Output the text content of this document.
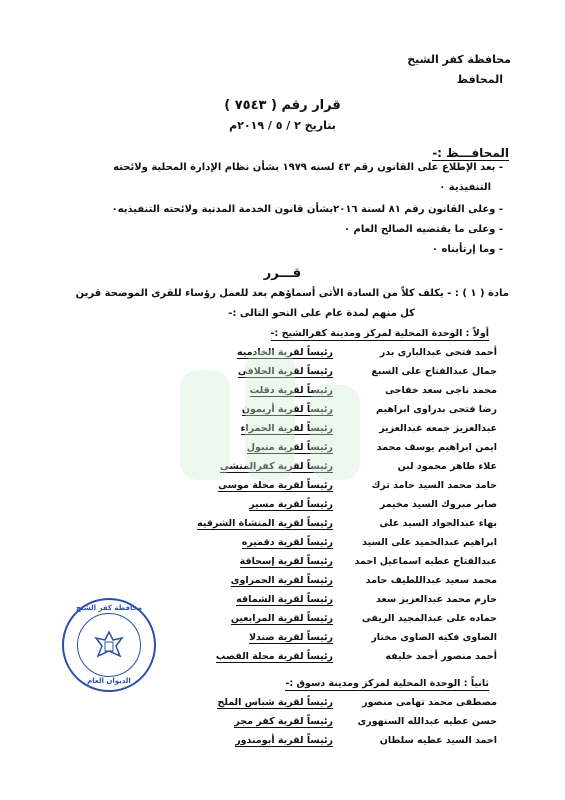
محافظة كفر الشيخ
المحافظ
قرار رقم ( ٧٥٤٣ )
بتاريخ ٢ / ٥ / ٢٠١٩م
المحافـــظ :-
- بعد الإطلاع على القانون رقم ٤٣ لسنه ١٩٧٩ بشأن نظام الإدارة المحلية ولائحته
التنفيذية ٠
- وعلى القانون رقم ٨١ لسنة ٢٠١٦بشأن قانون الخدمة المدنية ولائحته التنفيذيه٠
- وعلى ما يقتضيه الصالح العام ٠
- وما إرتأيناه ٠
قـــرر
مادة ( ١ ) : - يكلف كلاً من السادة الأتى أسماؤهم بعد للعمل رؤساء للقرى الموضحة قرين
كل منهم لمدة عام على النحو التالى :-
أولاً : الوحدة المحلية لمركز ومدينة كفرالشيخ :-
أحمد فتحى عبدالبارى بدر
رئيساً لقرية الخادميه
جمال عبدالفتاح على السبع
رئيساً لقرية الحلافى
محمد ناجى سعد خفاجى
رئيساً لقرية دقلت
رضا فتحى بدراوى ابراهيم
رئيساً لقرية أريمون
عبدالعزيز جمعه عبدالعزيز
رئيساً لقرية الحمراء
ايمن ابراهيم يوسف محمد
رئيساً لقرية متبول
علاء طاهر محمود لبن
رئيساً لقرية كفرالمنشى
حامد محمد السيد حامد ترك
رئيساً لقرية محلة موسى
صابر مبروك السيد مخيمر
رئيساً لقرية مسير
بهاء عبدالجواد السيد على
رئيساً لقرية المنشاة الشرقيه
ابراهيم عبدالحميد على السيد
رئيساً لقرية دقميره
عبدالفتاح عطيه اسماعيل احمد
رئيساً لقرية إسحاقة
محمد سعيد عبداللطيف حامد
رئيساً لقرية الحمراوى
حازم محمد عبدالعزيز سعد
رئيساً لقرية الشماقه
حماده على عبدالمجيد الريفى
رئيساً لقرية المرابعين
الصاوى فكيه الصاوى مختار
رئيساً لقرية صندلا
أحمد منصور أحمد خليفه
رئيساً لقرية محلة القصب
ثانياً : الوحدة المحلية لمركز ومدينة دسوق :-
مصطفى محمد تهامى منصور
رئيساً لقرية شباس الملح
حسن عطيه عبدالله السنهورى
رئيساً لقرية كفر مجر
احمد السيد عطيه سلطان
رئيساً لقرية أبومندور
محافظة كفر الشيخ
الديوان العام
